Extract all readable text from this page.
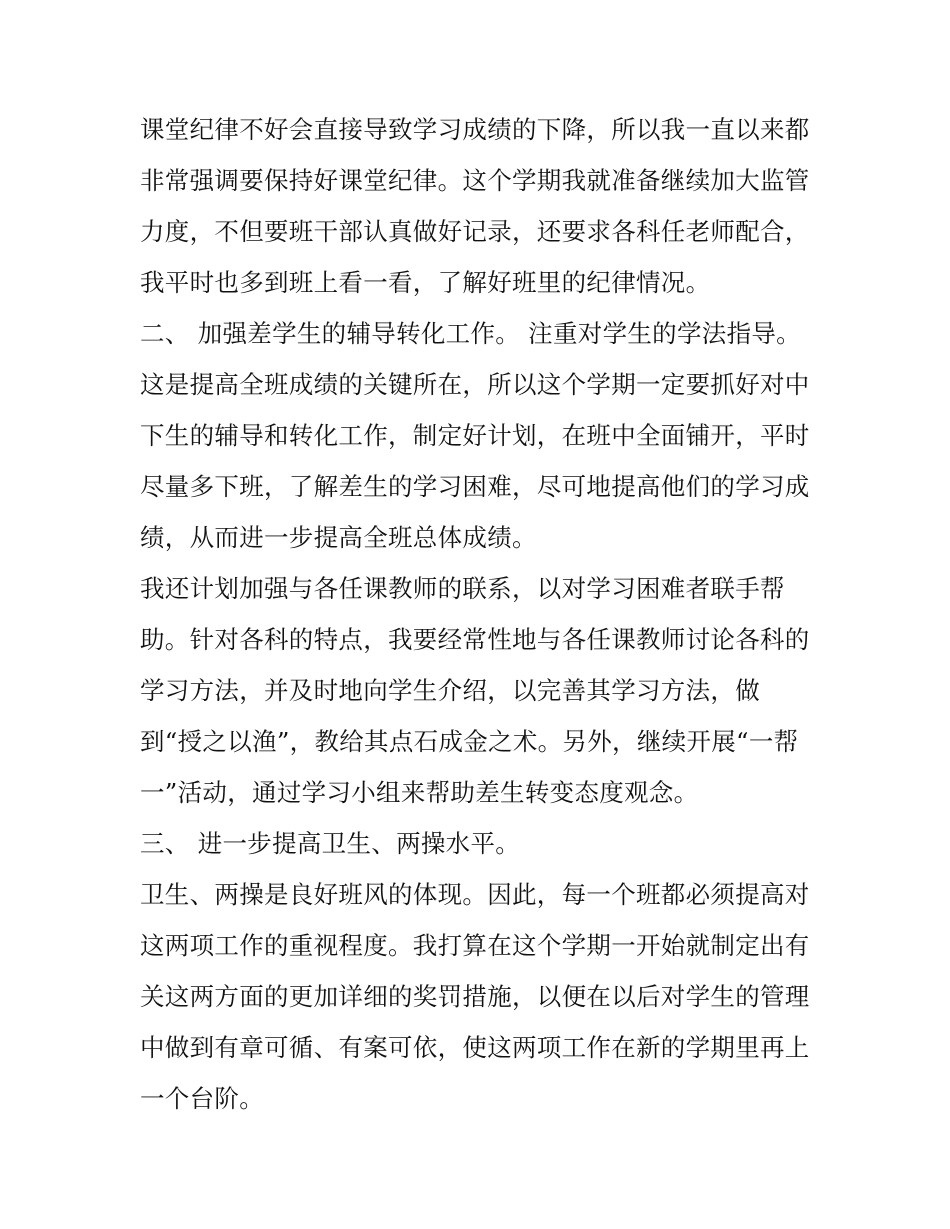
课堂纪律不好会直接导致学习成绩的下降，所以我一直以来都
非常强调要保持好课堂纪律。这个学期我就准备继续加大监管
力度，不但要班干部认真做好记录，还要求各科任老师配合，
我平时也多到班上看一看，了解好班里的纪律情况。
二、 加强差学生的辅导转化工作。 注重对学生的学法指导。
这是提高全班成绩的关键所在，所以这个学期一定要抓好对中
下生的辅导和转化工作，制定好计划，在班中全面铺开，平时
尽量多下班，了解差生的学习困难，尽可地提高他们的学习成
绩，从而进一步提高全班总体成绩。
我还计划加强与各任课教师的联系，以对学习困难者联手帮
助。针对各科的特点，我要经常性地与各任课教师讨论各科的
学习方法，并及时地向学生介绍，以完善其学习方法，做
到“授之以渔”，教给其点石成金之术。另外，继续开展“一帮
一”活动，通过学习小组来帮助差生转变态度观念。
三、 进一步提高卫生、两操水平。
卫生、两操是良好班风的体现。因此，每一个班都必须提高对
这两项工作的重视程度。我打算在这个学期一开始就制定出有
关这两方面的更加详细的奖罚措施，以便在以后对学生的管理
中做到有章可循、有案可依，使这两项工作在新的学期里再上
一个台阶。
